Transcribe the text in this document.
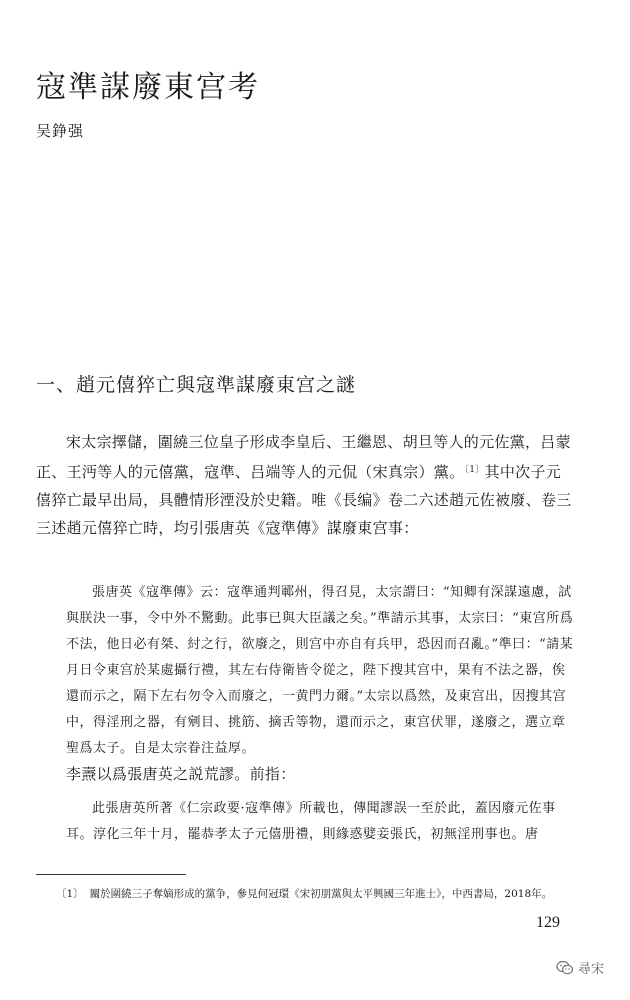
寇準謀廢東宫考
吴錚强
一、趙元僖猝亡與寇準謀廢東宫之謎

宋太宗擇儲，圍繞三位皇子形成李皇后、王繼恩、胡旦等人的元佐黨，吕蒙正、王沔等人的元僖黨，寇準、吕端等人的元侃（宋真宗）黨。$^{〔1〕}$其中次子元僖猝亡最早出局，具體情形湮没於史籍。唯《長编》卷二六述趙元佐被廢、卷三三述趙元僖猝亡時，均引張唐英《寇準傳》謀廢東宫事：

張唐英《寇準傳》云：寇準通判鄆州，得召見，太宗謂曰：“知卿有深謀遠慮，試與朕決一事，令中外不驚動。此事已與大臣議之矣。”準請示其事，太宗曰：“東宫所爲不法，他日必有桀、紂之行，欲廢之，則宫中亦自有兵甲，恐因而召亂。”準曰：“請某月日令東宫於某處攝行禮，其左右侍衛皆令從之，陛下搜其宫中，果有不法之器，俟還而示之，隔下左右勿令入而廢之，一黄門力爾。”太宗以爲然，及東宫出，因搜其宫中，得淫刑之器，有剜目、挑筋、摘舌等物，還而示之，東宫伏罪，遂廢之，選立章聖爲太子。自是太宗眷注益厚。

李燾以爲張唐英之説荒謬。前指：

此張唐英所著《仁宗政要·寇準傳》所載也，傳聞謬誤一至於此，蓋因廢元佐事耳。淳化三年十月，罷恭孝太子元僖册禮，則緣惑嬖妾張氏，初無淫刑事也。唐

〔1〕 關於圍繞三子奪嫡形成的黨争，參見何冠環《宋初朋黨與太平興國三年進士》，中西書局，2018年。

129
尋宋
